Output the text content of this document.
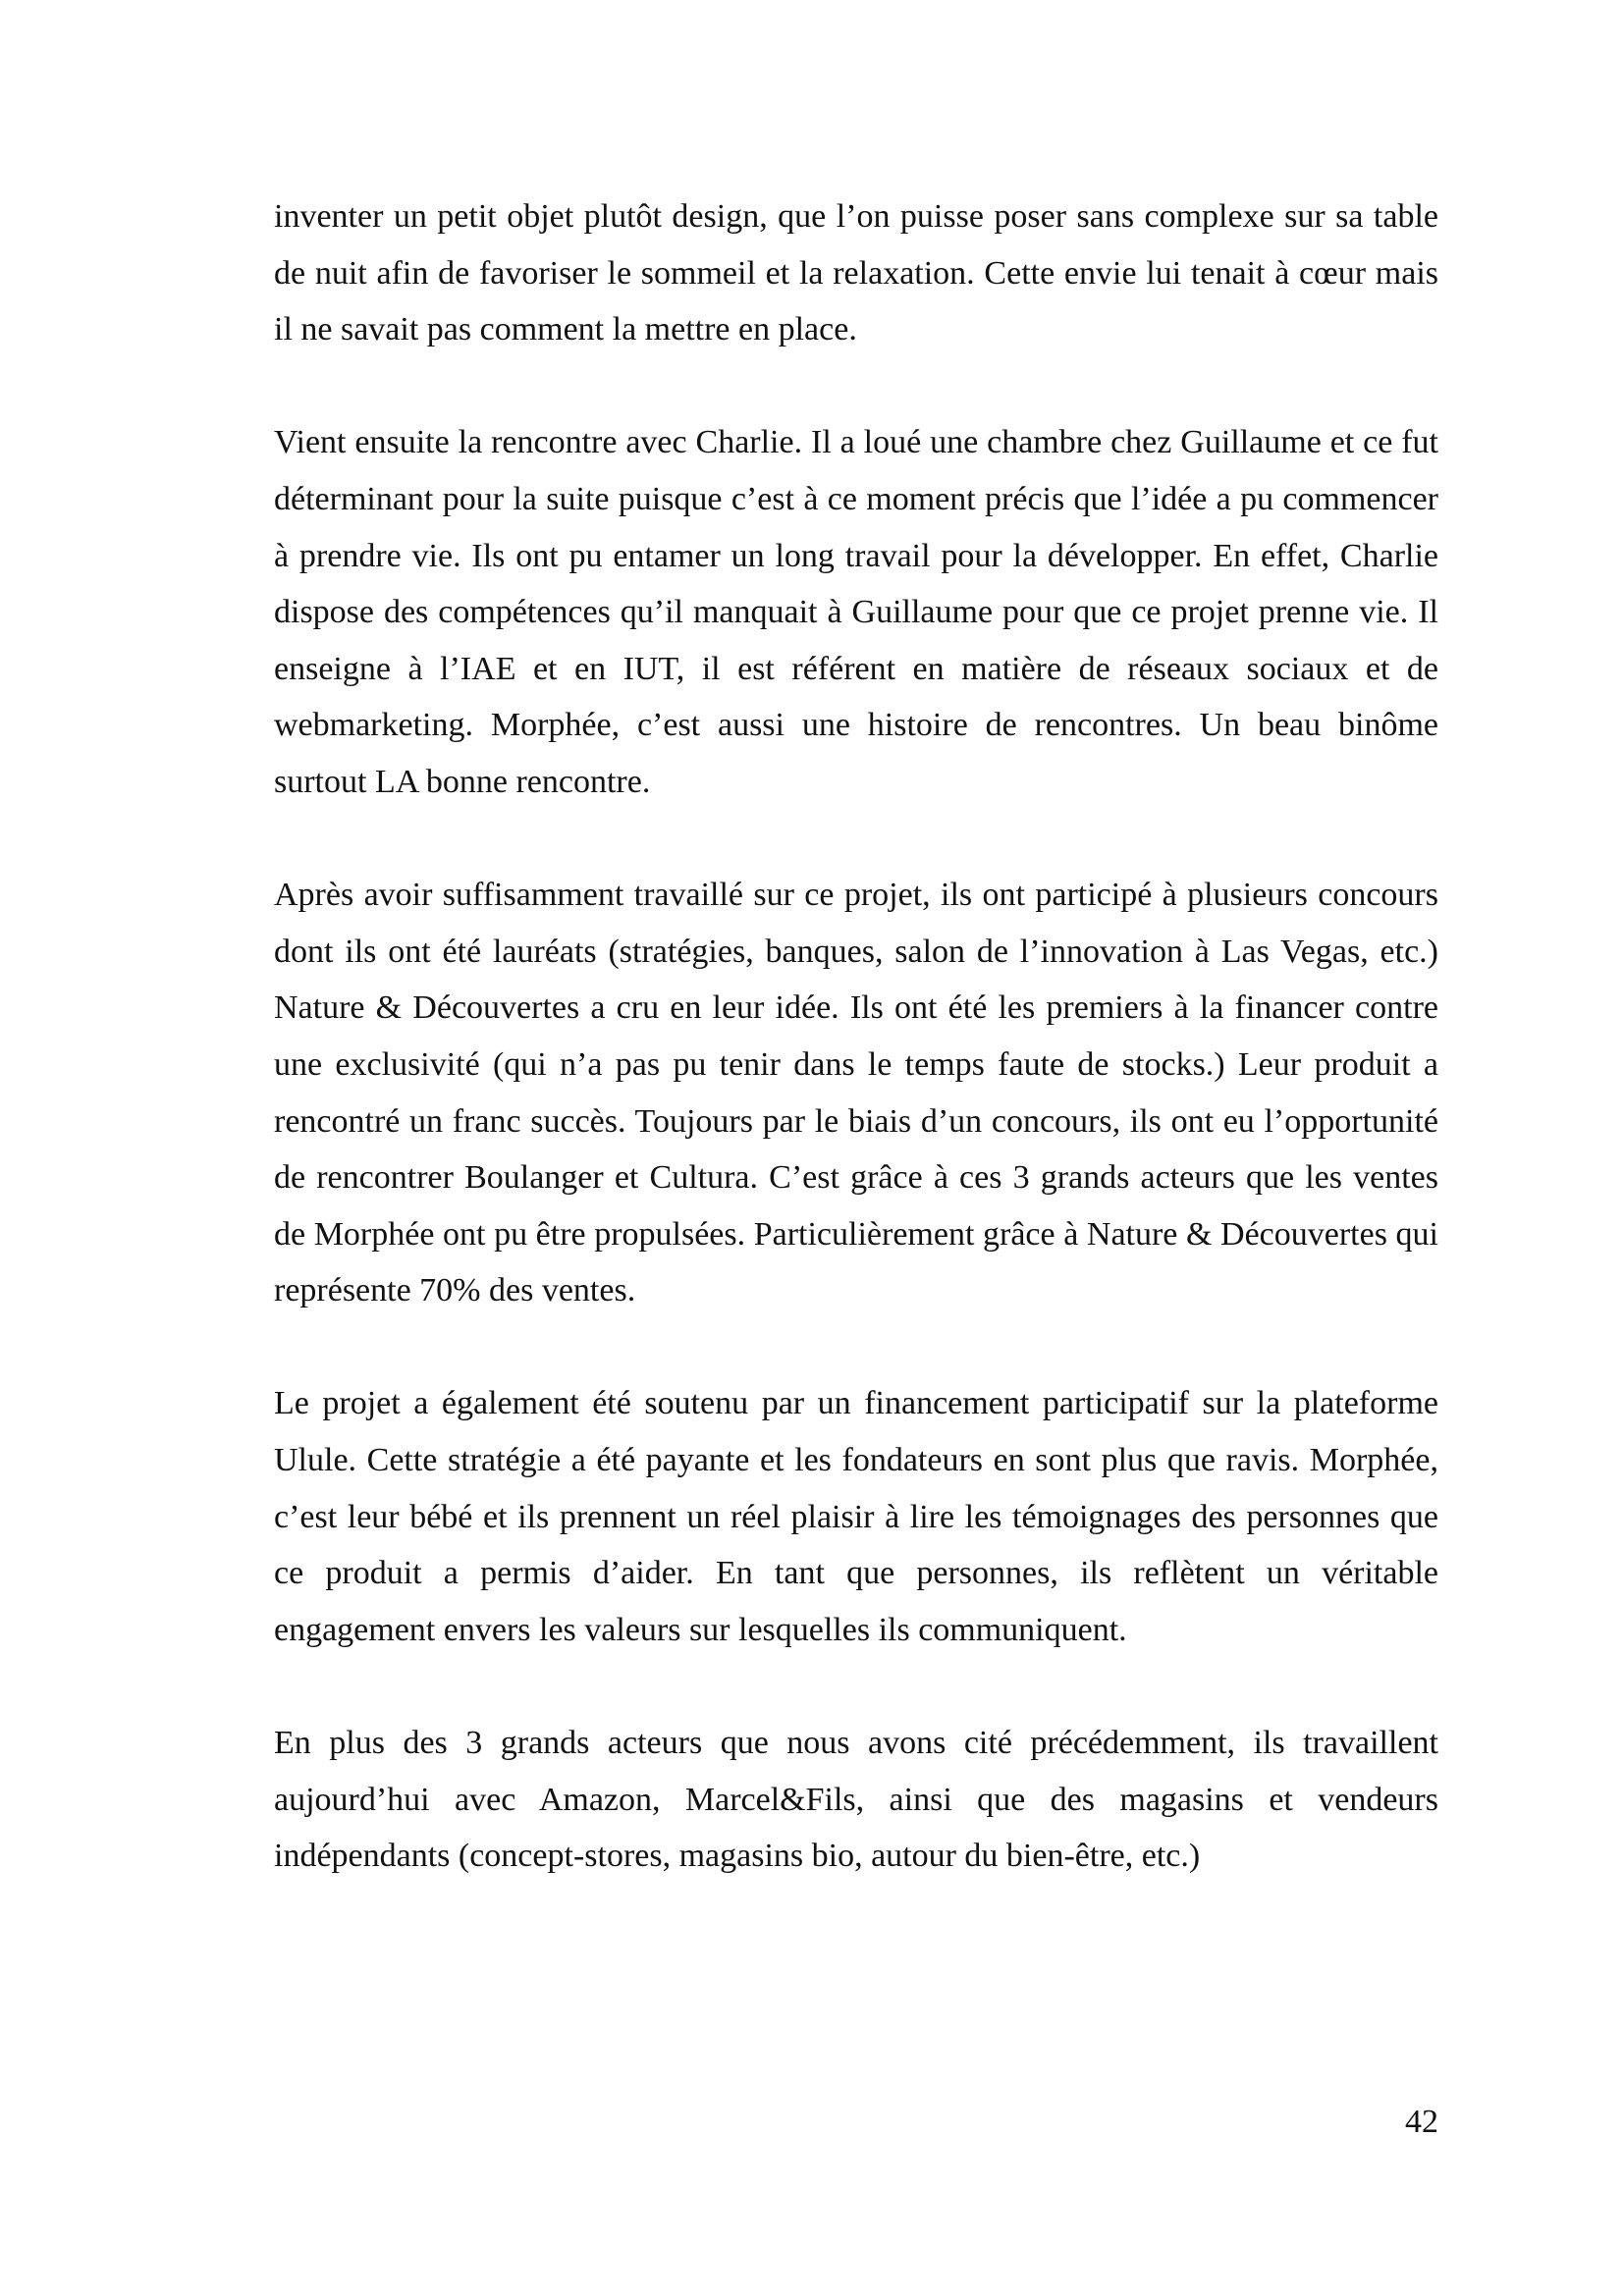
inventer un petit objet plutôt design, que l’on puisse poser sans complexe sur sa table de nuit afin de favoriser le sommeil et la relaxation. Cette envie lui tenait à cœur mais il ne savait pas comment la mettre en place.

Vient ensuite la rencontre avec Charlie. Il a loué une chambre chez Guillaume et ce fut déterminant pour la suite puisque c’est à ce moment précis que l’idée a pu commencer à prendre vie. Ils ont pu entamer un long travail pour la développer. En effet, Charlie dispose des compétences qu’il manquait à Guillaume pour que ce projet prenne vie. Il enseigne à l’IAE et en IUT, il est référent en matière de réseaux sociaux et de webmarketing. Morphée, c’est aussi une histoire de rencontres. Un beau binôme surtout LA bonne rencontre.

Après avoir suffisamment travaillé sur ce projet, ils ont participé à plusieurs concours dont ils ont été lauréats (stratégies, banques, salon de l’innovation à Las Vegas, etc.) Nature & Découvertes a cru en leur idée. Ils ont été les premiers à la financer contre une exclusivité (qui n’a pas pu tenir dans le temps faute de stocks.) Leur produit a rencontré un franc succès. Toujours par le biais d’un concours, ils ont eu l’opportunité de rencontrer Boulanger et Cultura. C’est grâce à ces 3 grands acteurs que les ventes de Morphée ont pu être propulsées. Particulièrement grâce à Nature & Découvertes qui représente 70% des ventes.

Le projet a également été soutenu par un financement participatif sur la plateforme Ulule. Cette stratégie a été payante et les fondateurs en sont plus que ravis. Morphée, c’est leur bébé et ils prennent un réel plaisir à lire les témoignages des personnes que ce produit a permis d’aider. En tant que personnes, ils reflètent un véritable engagement envers les valeurs sur lesquelles ils communiquent.

En plus des 3 grands acteurs que nous avons cité précédemment, ils travaillent aujourd’hui avec Amazon, Marcel&Fils, ainsi que des magasins et vendeurs indépendants (concept-stores, magasins bio, autour du bien-être, etc.)

42
